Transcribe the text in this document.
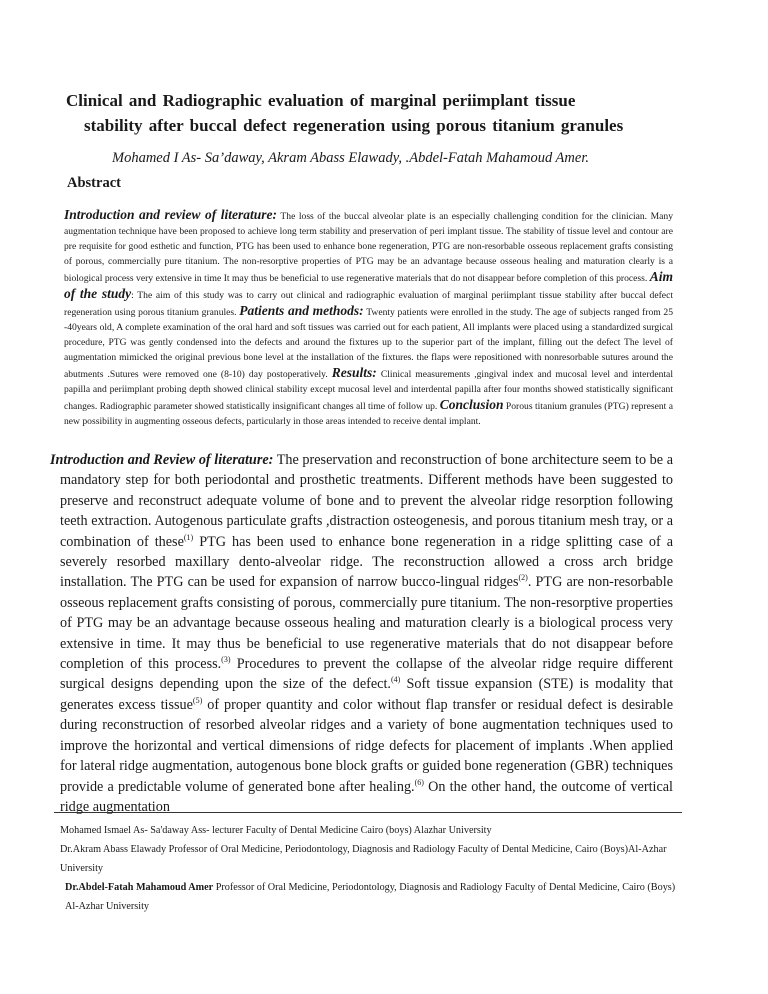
Clinical and Radiographic evaluation of marginal periimplant tissue
stability after buccal defect regeneration using porous titanium granules
Mohamed I As- Sa’daway, Akram Abass Elawady, .Abdel-Fatah Mahamoud Amer.
Abstract

Introduction and review of literature: The loss of the buccal alveolar plate is an especially challenging condition for the clinician. Many augmentation technique have been proposed to achieve long term stability and preservation of peri implant tissue. The stability of tissue level and contour are pre requisite for good esthetic and function, PTG has been used to enhance bone regeneration, PTG are non-resorbable osseous replacement grafts consisting of porous, commercially pure titanium. The non-resorptive properties of PTG may be an advantage because osseous healing and maturation clearly is a biological process very extensive in time It may thus be beneficial to use regenerative materials that do not disappear before completion of this process. Aim of the study: The aim of this study was to carry out clinical and radiographic evaluation of marginal periimplant tissue stability after buccal defect regeneration using porous titanium granules. Patients and methods: Twenty patients were enrolled in the study. The age of subjects ranged from 25 -40years old, A complete examination of the oral hard and soft tissues was carried out for each patient, All implants were placed using a standardized surgical procedure, PTG was gently condensed into the defects and around the fixtures up to the superior part of the implant, filling out the defect The level of augmentation mimicked the original previous bone level at the installation of the fixtures. the flaps were repositioned with nonresorbable sutures around the abutments .Sutures were removed one (8-10) day postoperatively. Results: Clinical measurements ,gingival index and mucosal level and interdental papilla and periimplant probing depth showed clinical stability except mucosal level and interdental papilla after four months showed statistically significant changes. Radiographic parameter showed statistically insignificant changes all time of follow up. Conclusion Porous titanium granules (PTG) represent a new possibility in augmenting osseous defects, particularly in those areas intended to receive dental implant.

Introduction and Review of literature: The preservation and reconstruction of bone architecture seem to be a mandatory step for both periodontal and prosthetic treatments. Different methods have been suggested to preserve and reconstruct adequate volume of bone and to prevent the alveolar ridge resorption following teeth extraction. Autogenous particulate grafts ,distraction osteogenesis, and porous titanium mesh tray, or a combination of these$^{(1)}$ PTG has been used to enhance bone regeneration in a ridge splitting case of a severely resorbed maxillary dento-alveolar ridge. The reconstruction allowed a cross arch bridge installation. The PTG can be used for expansion of narrow bucco-lingual ridges$^{(2)}$. PTG are non-resorbable osseous replacement grafts consisting of porous, commercially pure titanium. The non-resorptive properties of PTG may be an advantage because osseous healing and maturation clearly is a biological process very extensive in time. It may thus be beneficial to use regenerative materials that do not disappear before completion of this process.$^{(3)}$ Procedures to prevent the collapse of the alveolar ridge require different surgical designs depending upon the size of the defect.$^{(4)}$ Soft tissue expansion (STE) is modality that generates excess tissue$^{(5)}$ of proper quantity and color without flap transfer or residual defect is desirable during reconstruction of resorbed alveolar ridges and a variety of bone augmentation techniques used to improve the horizontal and vertical dimensions of ridge defects for placement of implants .When applied for lateral ridge augmentation, autogenous bone block grafts or guided bone regeneration (GBR) techniques provide a predictable volume of generated bone after healing.$^{(6)}$ On the other hand, the outcome of vertical ridge augmentation

Mohamed Ismael As- Sa'daway Ass- lecturer Faculty of Dental Medicine Cairo (boys) Alazhar University

Dr.Akram Abass Elawady Professor of Oral Medicine, Periodontology, Diagnosis and Radiology Faculty of Dental Medicine, Cairo (Boys)Al-Azhar University

Dr.Abdel-Fatah Mahamoud Amer Professor of Oral Medicine, Periodontology, Diagnosis and Radiology Faculty of Dental Medicine, Cairo (Boys) Al-Azhar University
